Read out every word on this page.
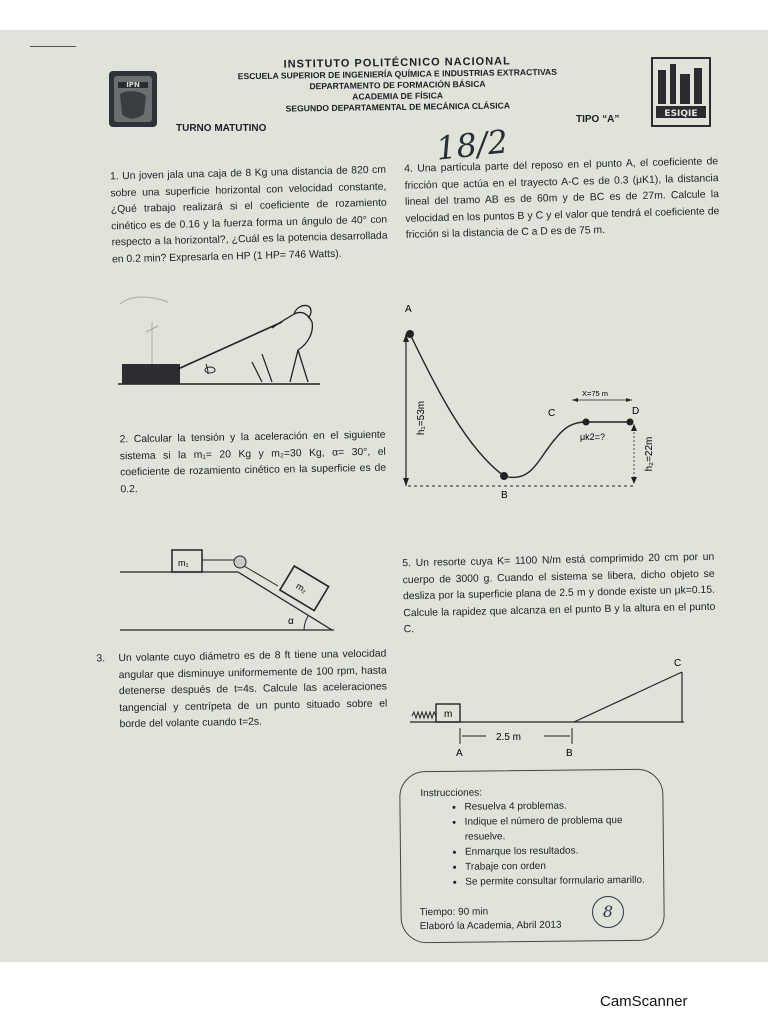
IPN
ESIQIE
INSTITUTO POLITÉCNICO NACIONAL
ESCUELA SUPERIOR DE INGENIERÍA QUÍMICA E INDUSTRIAS EXTRACTIVAS
DEPARTAMENTO DE FORMACIÓN BÁSICA
ACADEMIA DE FÍSICA
SEGUNDO DEPARTAMENTAL DE MECÁNICA CLÁSICA
TURNO MATUTINO
TIPO “A”
18/2
1. Un joven jala una caja de 8 Kg una distancia de 820 cm sobre una superficie horizontal con velocidad constante, ¿Qué trabajo realizará si el coeficiente de rozamiento cinético es de 0.16 y la fuerza forma un ángulo de 40° con respecto a la horizontal?, ¿Cuál es la potencia desarrollada en 0.2 min? Expresarla en HP (1 HP= 746 Watts).
4. Una partícula parte del reposo en el punto A, el coeficiente de fricción que actúa en el trayecto A-C es de 0.3 (μK1), la distancia lineal del tramo AB es de 60m y de BC es de 27m. Calcule la velocidad en los puntos B y C y el valor que tendrá el coeficiente de fricción si la distancia de C a D es de 75 m.
A
h₁=53m
B
C	D
X=75 m
μk2=?	h₂=22m
2. Calcular la tensión y la aceleración en el siguiente sistema si la m₁= 20 Kg y m₂=30 Kg, α= 30°, el coeficiente de rozamiento cinético en la superficie es de 0.2.
m₁
m₂
α
5. Un resorte cuya K= 1100 N/m está comprimido 20 cm por un cuerpo de 3000 g. Cuando el sistema se libera, dicho objeto se desliza por la superficie plana de 2.5 m y donde existe un μk=0.15. Calcule la rapidez que alcanza en el punto B y la altura en el punto C.
3. Un volante cuyo diámetro es de 8 ft tiene una velocidad angular que disminuye uniformemente de 100 rpm, hasta detenerse después de t=4s. Calcule las aceleraciones tangencial y centrípeta de un punto situado sobre el borde del volante cuando t=2s.
C
m
2.5 m
A	B
Instrucciones:
• Resuelva 4 problemas.
• Indique el número de problema que resuelve.
• Enmarque los resultados.
• Trabaje con orden
• Se permite consultar formulario amarillo.
Tiempo: 90 min
Elaboró la Academia, Abril 2013
8
CamScanner
